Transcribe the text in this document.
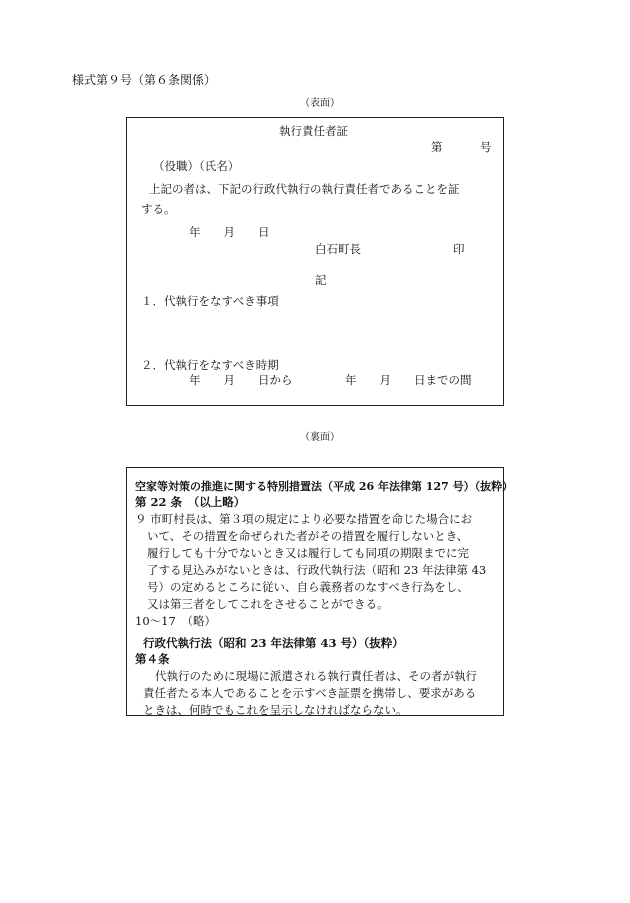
様式第９号（第６条関係）
（表面）
執行責任者証
第	号
（役職）（氏名）
上記の者は、下記の行政代執行の執行責任者であることを証
する。
年　　月　　日
白石町長	印
記
１．代執行をなすべき事項
２．代執行をなすべき時期
年　　月　　日から	年　　月　　日までの間
（裏面）
空家等対策の推進に関する特別措置法（平成 26 年法律第 127 号）（抜粋）
第 22 条　（以上略）
９ 市町村長は、第３項の規定により必要な措置を命じた場合にお
いて、その措置を命ぜられた者がその措置を履行しないとき、
履行しても十分でないとき又は履行しても同項の期限までに完
了する見込みがないときは、行政代執行法（昭和 23 年法律第 43
号）の定めるところに従い、自ら義務者のなすべき行為をし、
又は第三者をしてこれをさせることができる。
10〜17　（略）
行政代執行法（昭和 23 年法律第 43 号）（抜粋）
第４条
代執行のために現場に派遣される執行責任者は、その者が執行
責任者たる本人であることを示すべき証票を携帯し、要求がある
ときは、何時でもこれを呈示しなければならない。
